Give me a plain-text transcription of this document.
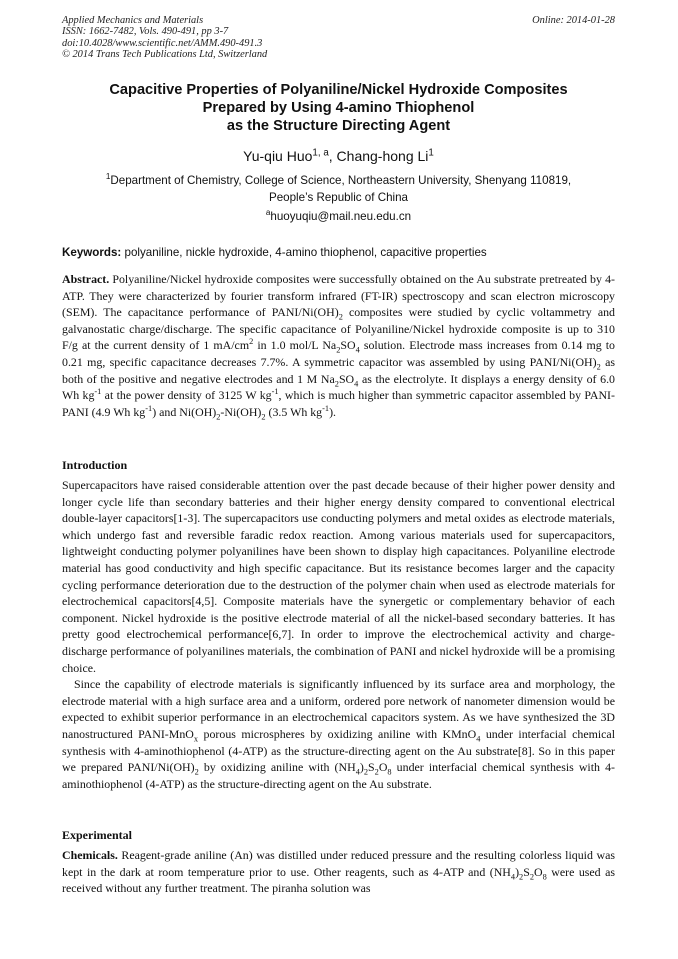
Applied Mechanics and Materials
ISSN: 1662-7482, Vols. 490-491, pp 3-7
doi:10.4028/www.scientific.net/AMM.490-491.3
© 2014 Trans Tech Publications Ltd, Switzerland
Online: 2014-01-28
Capacitive Properties of Polyaniline/Nickel Hydroxide Composites
Prepared by Using 4-amino Thiophenol
as the Structure Directing Agent
Yu-qiu Huo$^{1, a}$, Chang-hong Li$^1$
$^1$Department of Chemistry, College of Science, Northeastern University, Shenyang 110819,
People’s Republic of China
$^a$huoyuqiu@mail.neu.edu.cn
Keywords: polyaniline, nickle hydroxide, 4-amino thiophenol, capacitive properties

Abstract. Polyaniline/Nickel hydroxide composites were successfully obtained on the Au substrate pretreated by 4-ATP. They were characterized by fourier transform infrared (FT-IR) spectroscopy and scan electron microscopy (SEM). The capacitance performance of PANI/$Ni(OH)_2$ composites were studied by cyclic voltammetry and galvanostatic charge/discharge. The specific capacitance of Polyaniline/Nickel hydroxide composite is up to 310 F/g at the current density of 1 $mA/cm^2$ in 1.0 mol/L $Na_2SO_4$ solution. Electrode mass increases from 0.14 mg to 0.21 mg, specific capacitance decreases 7.7%. A symmetric capacitor was assembled by using PANI/$Ni(OH)_2$ as both of the positive and negative electrodes and 1 M $Na_2SO_4$ as the electrolyte. It displays a energy density of 6.0 Wh $kg^{-1}$ at the power density of 3125 W $kg^{-1}$, which is much higher than symmetric capacitor assembled by PANI-PANI (4.9 Wh $kg^{-1}$) and $Ni(OH)_2-Ni(OH)_2$ (3.5 Wh $kg^{-1}$).

Introduction

Supercapacitors have raised considerable attention over the past decade because of their higher power density and longer cycle life than secondary batteries and their higher energy density compared to conventional electrical double-layer capacitors[1-3]. The supercapacitors use conducting polymers and metal oxides as electrode materials, which undergo fast and reversible faradic redox reaction. Among various materials used for supercapacitors, lightweight conducting polymer polyanilines have been shown to display high capacitances. Polyaniline electrode material has good conductivity and high specific capacitance. But its resistance becomes larger and the capacity cycling performance deterioration due to the destruction of the polymer chain when used as electrode materials for electrochemical capacitors[4,5]. Composite materials have the synergetic or complementary behavior of each component. Nickel hydroxide is the positive electrode material of all the nickel-based secondary batteries. It has pretty good electrochemical performance[6,7]. In order to improve the electrochemical activity and charge-discharge performance of polyanilines materials, the combination of PANI and nickel hydroxide will be a promising choice.

Since the capability of electrode materials is significantly influenced by its surface area and morphology, the electrode material with a high surface area and a uniform, ordered pore network of nanometer dimension would be expected to exhibit superior performance in an electrochemical capacitors system. As we have synthesized the 3D nanostructured PANI-MnO$_x$ porous microspheres by oxidizing aniline with KMnO$_4$ under interfacial chemical synthesis with 4-aminothiophenol (4-ATP) as the structure-directing agent on the Au substrate[8]. So in this paper we prepared PANI/$Ni(OH)_2$ by oxidizing aniline with $(NH_4)_2S_2O_8$ under interfacial chemical synthesis with 4-aminothiophenol (4-ATP) as the structure-directing agent on the Au substrate.

Experimental

Chemicals. Reagent-grade aniline (An) was distilled under reduced pressure and the resulting colorless liquid was kept in the dark at room temperature prior to use. Other reagents, such as 4-ATP and $(NH_4)_2S_2O_8$ were used as received without any further treatment. The piranha solution was
